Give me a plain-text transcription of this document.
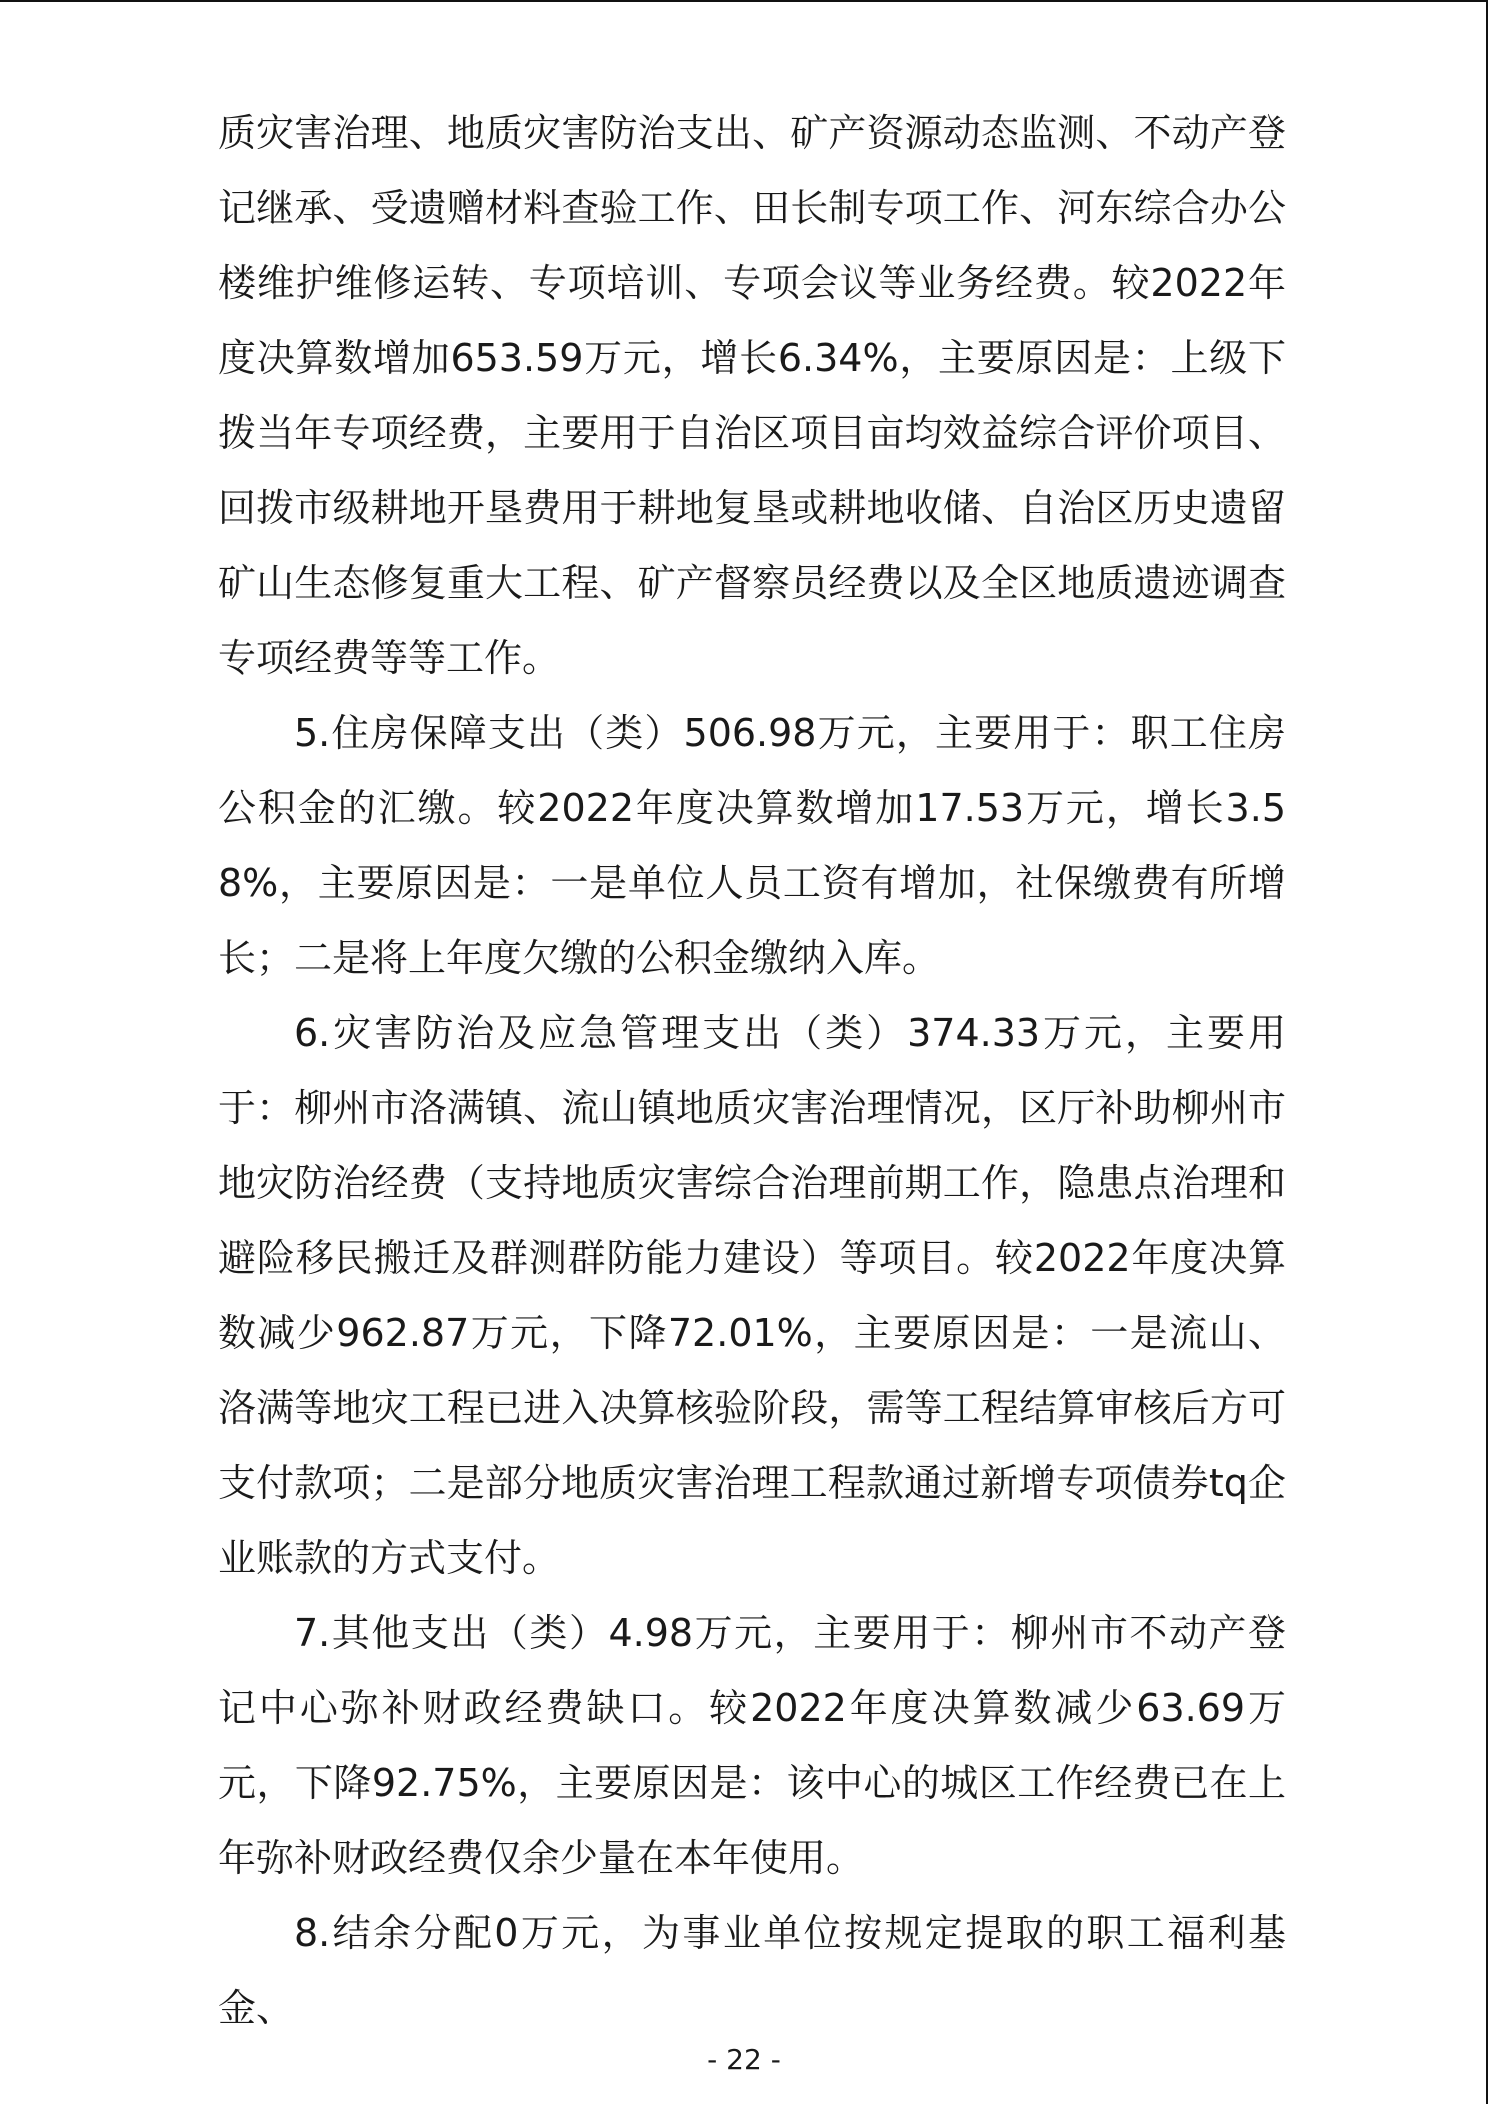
质灾害治理、地质灾害防治支出、矿产资源动态监测、不动产登记继承、受遗赠材料查验工作、田长制专项工作、河东综合办公楼维护维修运转、专项培训、专项会议等业务经费。较2022年度决算数增加653.59万元，增长6.34%，主要原因是：上级下拨当年专项经费，主要用于自治区项目亩均效益综合评价项目、回拨市级耕地开垦费用于耕地复垦或耕地收储、自治区历史遗留矿山生态修复重大工程、矿产督察员经费以及全区地质遗迹调查专项经费等等工作。

5.住房保障支出（类）506.98万元，主要用于：职工住房公积金的汇缴。较2022年度决算数增加17.53万元，增长3.58%，主要原因是：一是单位人员工资有增加，社保缴费有所增长；二是将上年度欠缴的公积金缴纳入库。

6.灾害防治及应急管理支出（类）374.33万元，主要用于：柳州市洛满镇、流山镇地质灾害治理情况，区厅补助柳州市地灾防治经费（支持地质灾害综合治理前期工作，隐患点治理和避险移民搬迁及群测群防能力建设）等项目。较2022年度决算数减少962.87万元，下降72.01%，主要原因是：一是流山、洛满等地灾工程已进入决算核验阶段，需等工程结算审核后方可支付款项；二是部分地质灾害治理工程款通过新增专项债券tq企业账款的方式支付。

7.其他支出（类）4.98万元，主要用于：柳州市不动产登记中心弥补财政经费缺口。较2022年度决算数减少63.69万元，下降92.75%，主要原因是：该中心的城区工作经费已在上年弥补财政经费仅余少量在本年使用。

8.结余分配0万元，为事业单位按规定提取的职工福利基金、

- 22 -
